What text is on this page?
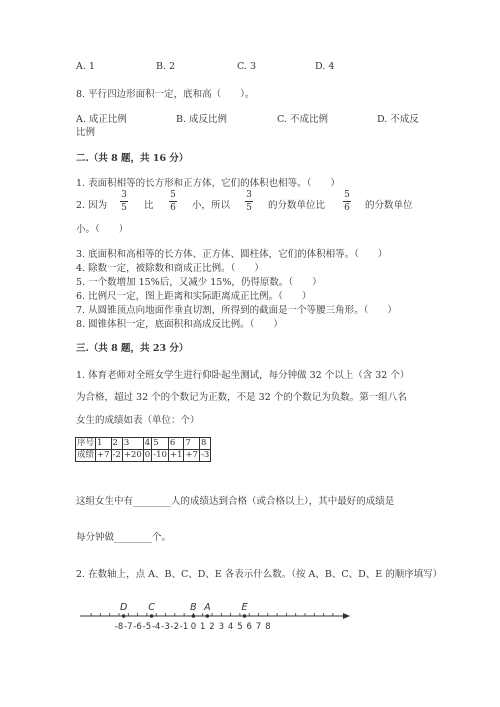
A. 1	B. 2	C. 3	D. 4
8. 平行四边形面积一定，底和高（　　）。
A. 成正比例	B. 成反比例	C. 不成比例	D. 不成反
比例
二.（共 8 题，共 16 分）
1. 表面积相等的长方形和正方体，它们的体积也相等。（　　）
2. 因为
3
5 比
5
6 小，所以
3
5 的分数单位比
5
6 的分数单位
小。（　　）
3. 底面积和高相等的长方体、正方体、圆柱体，它们的体积相等。（　　）
4. 除数一定，被除数和商成正比例。（　　）
5. 一个数增加 15%后，又减少 15%，仍得原数。（　　）
6. 比例尺一定，图上距离和实际距离成正比例。（　　）
7. 从圆锥顶点向地面作垂直切割，所得到的截面是一个等腰三角形。（　　）
8. 圆锥体积一定，底面积和高成反比例。（　　）
三.（共 8 题，共 23 分）
1. 体育老师对全班女学生进行仰卧起坐测试，每分钟做 32 个以上（含 32 个）
为合格，超过 32 个的个数记为正数，不是 32 个的个数记为负数。第一组八名
女生的成绩如表（单位：个）
序号	1	2	3	4	5	6	7	8
成绩	+7	-2	+20	0	-10	+1	+7	-3
这组女生中有________人的成绩达到合格（或合格以上），其中最好的成绩是
每分钟做________个。
2. 在数轴上，点 A、B、C、D、E 各表示什么数。（按 A、B、C、D、E 的顺序填写）
-8 -7 -6 -5 -4 -3 -2 -1 0 1 2 3 4 5 6 7 8
D C	B A	E
